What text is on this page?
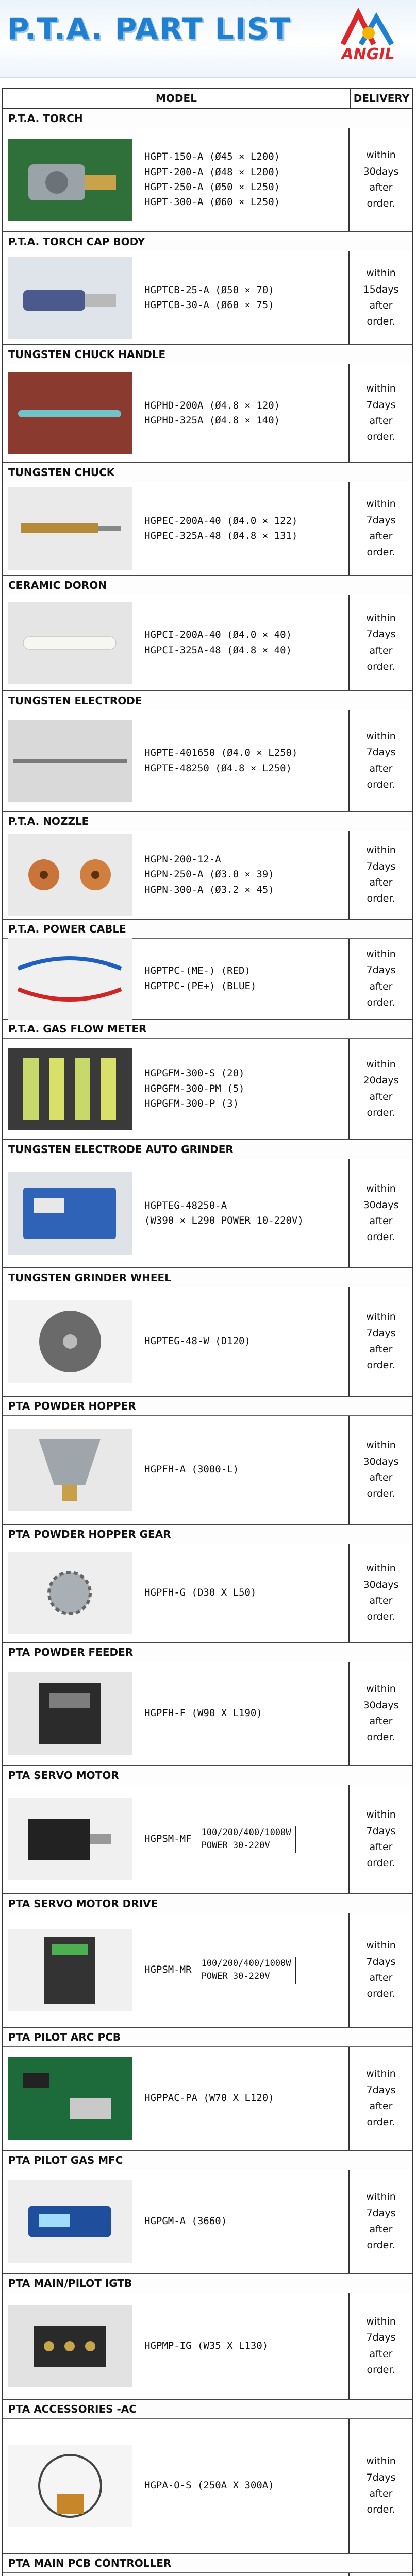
P.T.A. PART LIST
ANGIL
MODEL	DELIVERY
P.T.A. TORCH
HGPT-150-A (Ø45 × L200)
HGPT-200-A (Ø48 × L200)
HGPT-250-A (Ø50 × L250)
HGPT-300-A (Ø60 × L250)
within
30days
after
order.
P.T.A. TORCH CAP BODY
HGPTCB-25-A (Ø50 × 70)
HGPTCB-30-A (Ø60 × 75)
within
15days
after
order.
TUNGSTEN CHUCK HANDLE
HGPHD-200A (Ø4.8 × 120)
HGPHD-325A (Ø4.8 × 140)
within
7days
after
order.
TUNGSTEN CHUCK
HGPEC-200A-40 (Ø4.0 × 122)
HGPEC-325A-48 (Ø4.8 × 131)
within
7days
after
order.
CERAMIC DORON
HGPCI-200A-40 (Ø4.0 × 40)
HGPCI-325A-48 (Ø4.8 × 40)
within
7days
after
order.
TUNGSTEN ELECTRODE
HGPTE-401650 (Ø4.0 × L250)
HGPTE-48250 (Ø4.8 × L250)
within
7days
after
order.
P.T.A. NOZZLE
HGPN-200-12-A
HGPN-250-A (Ø3.0 × 39)
HGPN-300-A (Ø3.2 × 45)
within
7days
after
order.
P.T.A. POWER CABLE
HGPTPC-(ME-) (RED)
HGPTPC-(PE+) (BLUE)
within
7days
after
order.
P.T.A. GAS FLOW METER
HGPGFM-300-S (20)
HGPGFM-300-PM (5)
HGPGFM-300-P (3)
within
20days
after
order.
TUNGSTEN ELECTRODE AUTO GRINDER
HGPTEG-48250-A
(W390 × L290 POWER 10-220V)
within
30days
after
order.
TUNGSTEN GRINDER WHEEL
HGPTEG-48-W (D120)
within
7days
after
order.
PTA POWDER HOPPER
HGPFH-A (3000-L)
within
30days
after
order.
PTA POWDER HOPPER GEAR
HGPFH-G (D30 X L50)
within
30days
after
order.
PTA POWDER FEEDER
HGPFH-F (W90 X L190)
within
30days
after
order.
PTA SERVO MOTOR
HGPSM-MF
100/200/400/1000W
POWER 30-220V
within
7days
after
order.
PTA SERVO MOTOR DRIVE
HGPSM-MR
100/200/400/1000W
POWER 30-220V
within
7days
after
order.
PTA PILOT ARC PCB
HGPPAC-PA (W70 X L120)
within
7days
after
order.
PTA PILOT GAS MFC
HGPGM-A (3660)
within
7days
after
order.
PTA MAIN/PILOT IGTB
HGPMP-IG (W35 X L130)
within
7days
after
order.
PTA ACCESSORIES -AC
HGPA-O-S (250A X 300A)
within
7days
after
order.
PTA MAIN PCB CONTROLLER
